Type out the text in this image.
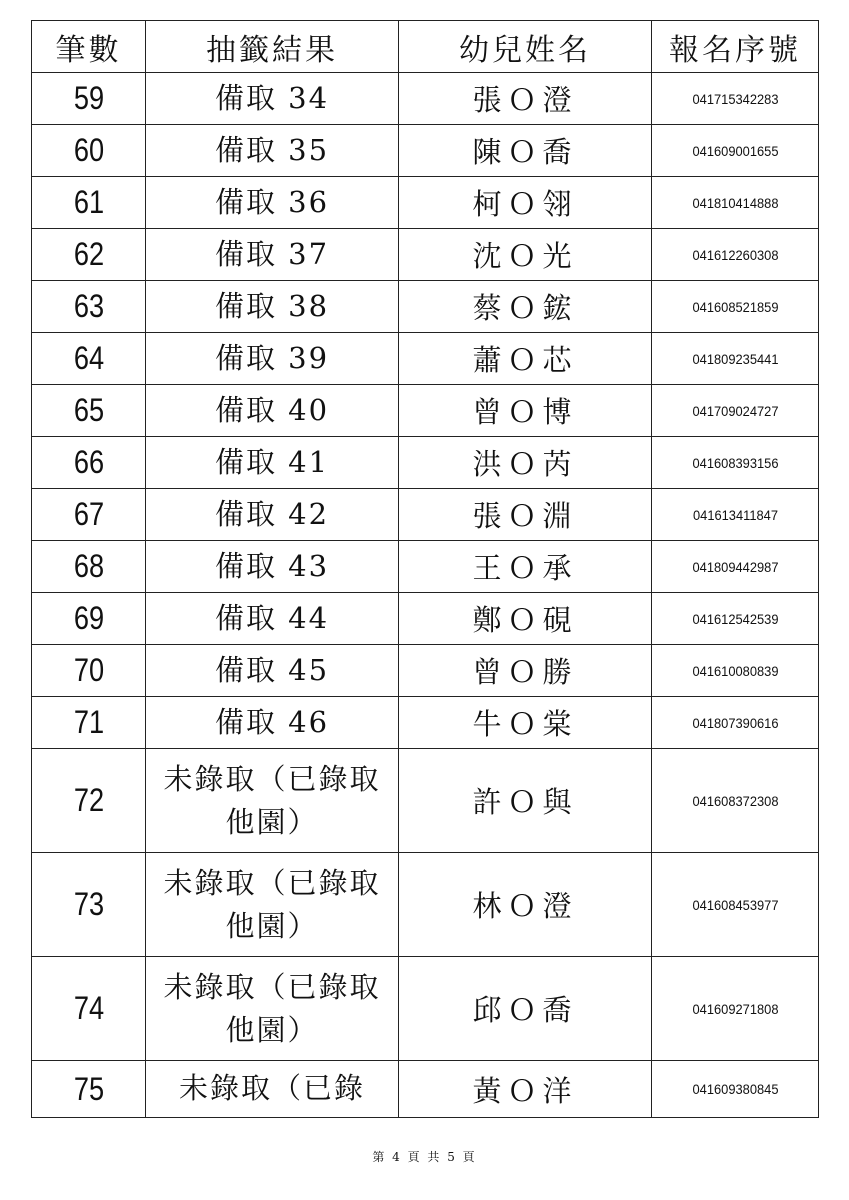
筆數	抽籤結果	幼兒姓名	報名序號
59	備取 34	張Ｏ澄	041715342283
60	備取 35	陳Ｏ喬	041609001655
61	備取 36	柯Ｏ翎	041810414888
62	備取 37	沈Ｏ光	041612260308
63	備取 38	蔡Ｏ鋐	041608521859
64	備取 39	蕭Ｏ芯	041809235441
65	備取 40	曾Ｏ博	041709024727
66	備取 41	洪Ｏ芮	041608393156
67	備取 42	張Ｏ淵	041613411847
68	備取 43	王Ｏ承	041809442987
69	備取 44	鄭Ｏ硯	041612542539
70	備取 45	曾Ｏ勝	041610080839
71	備取 46	牛Ｏ棠	041807390616
72	未錄取（已錄取他園）	許Ｏ與	041608372308
73	未錄取（已錄取他園）	林Ｏ澄	041608453977
74	未錄取（已錄取他園）	邱Ｏ喬	041609271808
75	未錄取（已錄	黃Ｏ洋	041609380845
第 4 頁 共 5 頁
